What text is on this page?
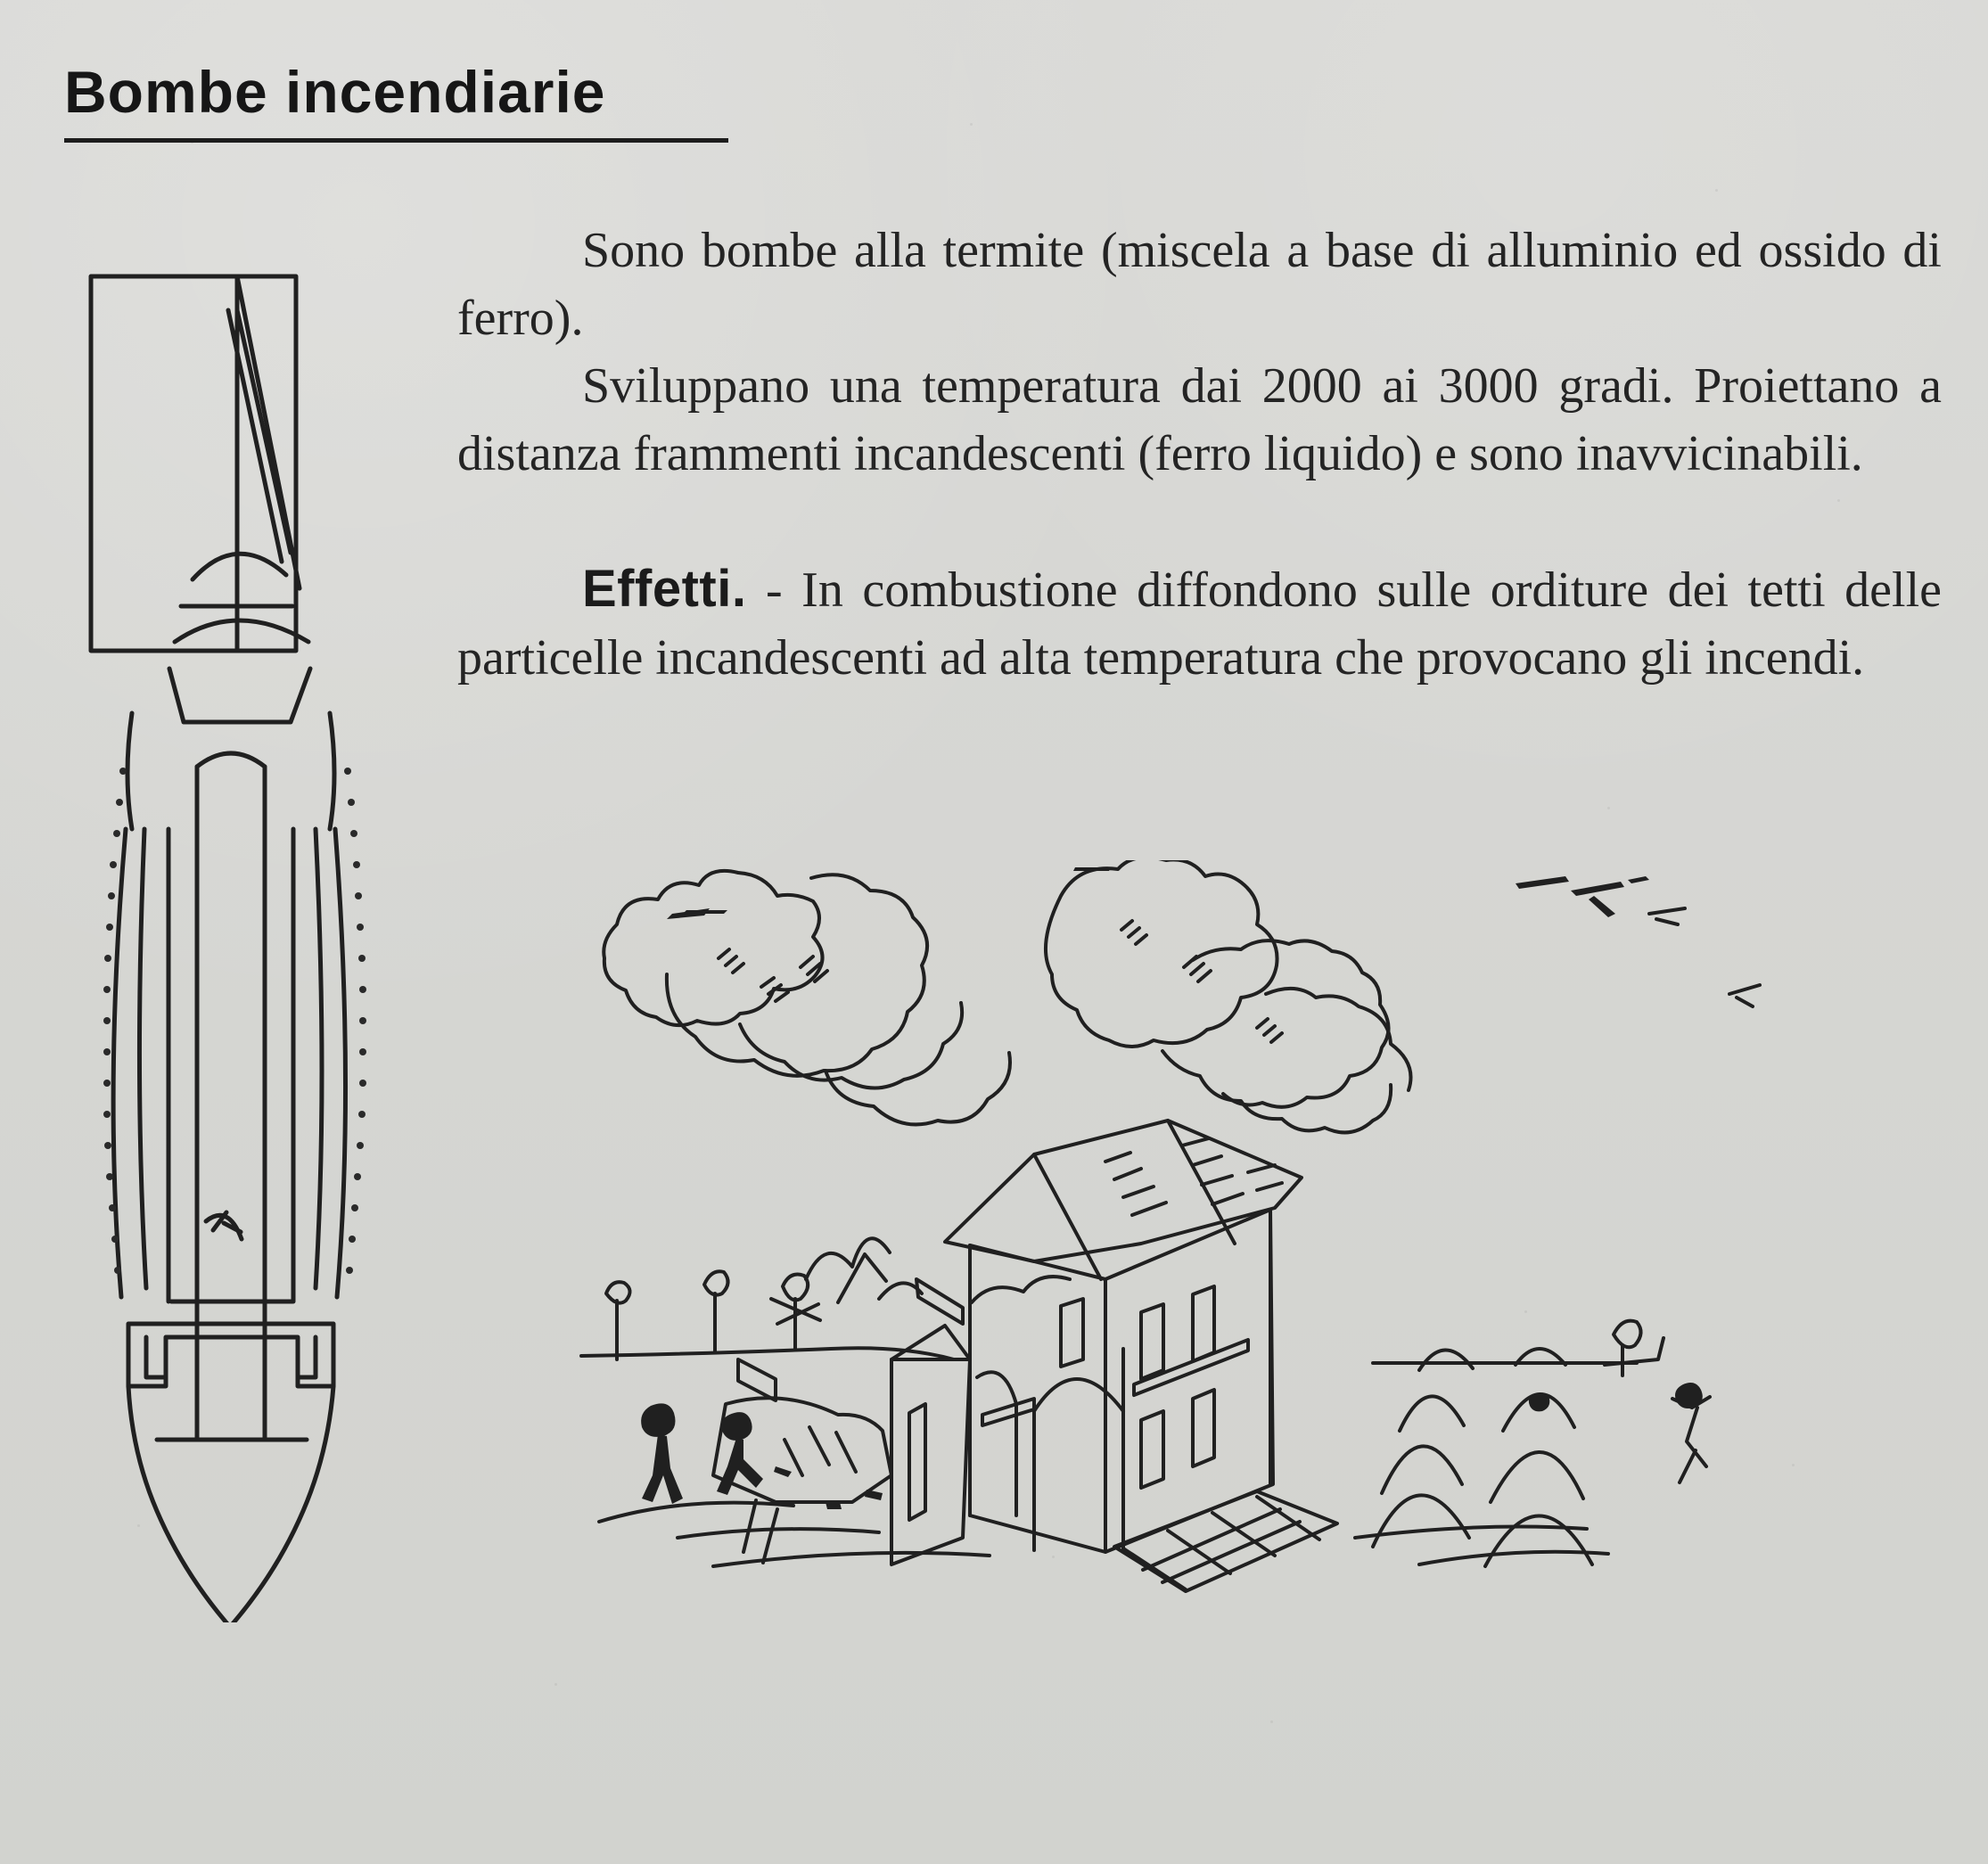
Bombe incendiarie

Sono bombe alla termite (miscela a base di alluminio ed ossido di ferro).

Sviluppano una temperatura dai 2000 ai 3000 gradi. Proiettano a distanza frammenti incandescenti (ferro liquido) e sono inavvicinabili.

Effetti. - In combustione diffondono sulle orditure dei tetti delle particelle incandescenti ad alta temperatura che provocano gli incendi.
